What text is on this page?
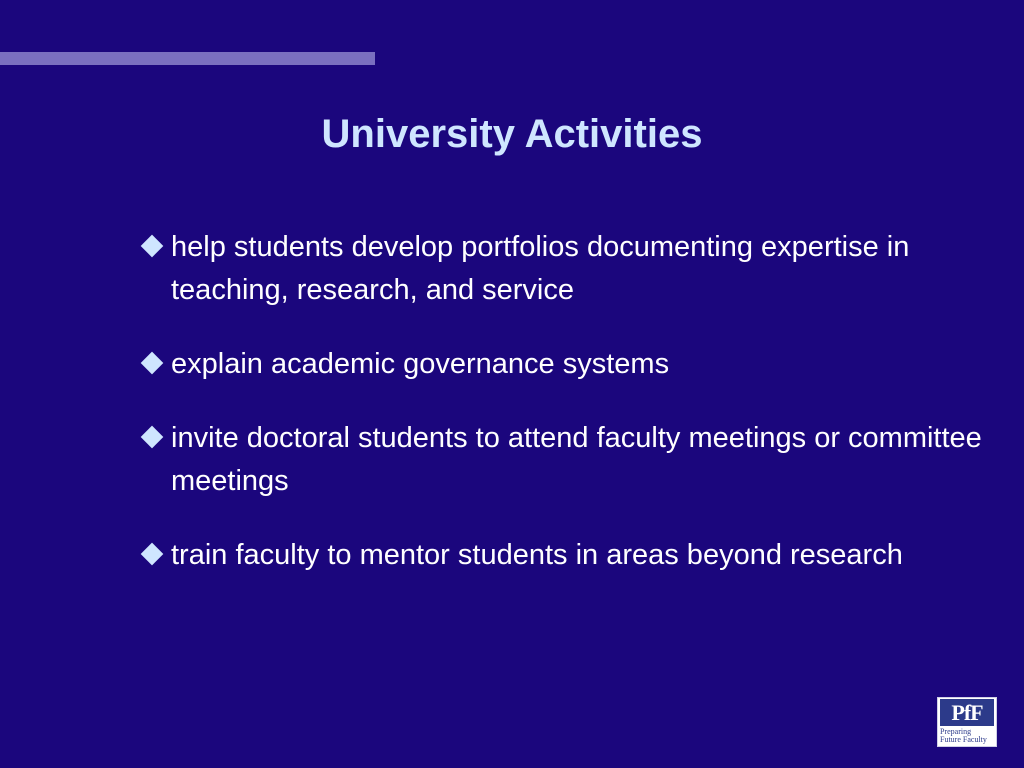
University Activities
help students develop portfolios documenting expertise in teaching, research, and service
explain academic governance systems
invite doctoral students to attend faculty meetings or committee meetings
train faculty to mentor students in areas beyond research
PfF
Preparing
Future Faculty
